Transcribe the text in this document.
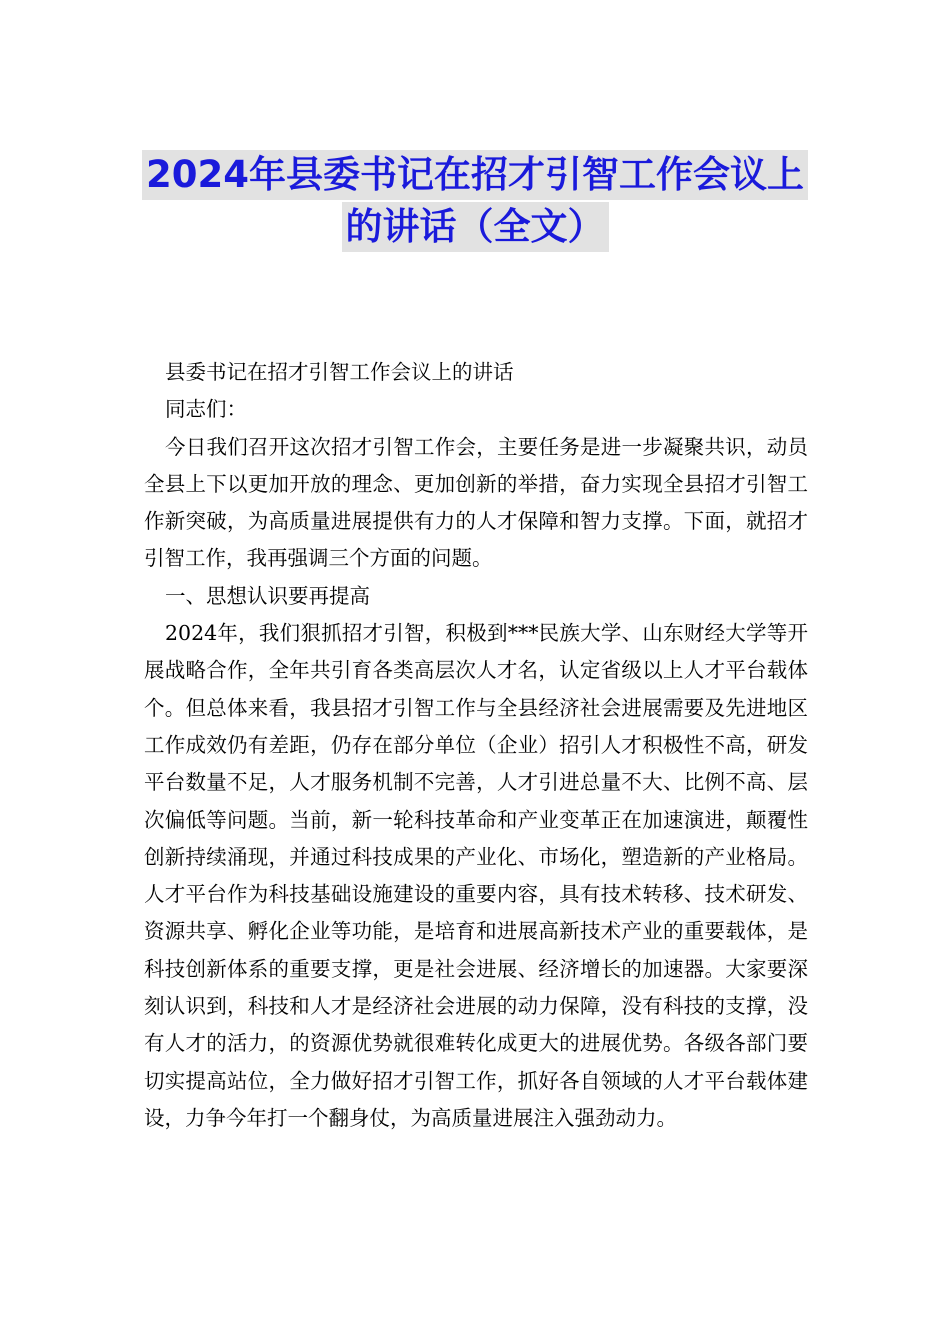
2024年县委书记在招才引智工作会议上
的讲话（全文）

县委书记在招才引智工作会议上的讲话

同志们：

今日我们召开这次招才引智工作会，主要任务是进一步凝聚共识，动员全县上下以更加开放的理念、更加创新的举措，奋力实现全县招才引智工作新突破，为高质量进展提供有力的人才保障和智力支撑。下面，就招才引智工作，我再强调三个方面的问题。

一、思想认识要再提高

2024年，我们狠抓招才引智，积极到***民族大学、山东财经大学等开展战略合作，全年共引育各类高层次人才名，认定省级以上人才平台载体个。但总体来看，我县招才引智工作与全县经济社会进展需要及先进地区工作成效仍有差距，仍存在部分单位（企业）招引人才积极性不高，研发平台数量不足，人才服务机制不完善，人才引进总量不大、比例不高、层次偏低等问题。当前，新一轮科技革命和产业变革正在加速演进，颠覆性创新持续涌现，并通过科技成果的产业化、市场化，塑造新的产业格局。人才平台作为科技基础设施建设的重要内容，具有技术转移、技术研发、资源共享、孵化企业等功能，是培育和进展高新技术产业的重要载体，是科技创新体系的重要支撑，更是社会进展、经济增长的加速器。大家要深刻认识到，科技和人才是经济社会进展的动力保障，没有科技的支撑，没有人才的活力，的资源优势就很难转化成更大的进展优势。各级各部门要切实提高站位，全力做好招才引智工作，抓好各自领域的人才平台载体建设，力争今年打一个翻身仗，为高质量进展注入强劲动力。
